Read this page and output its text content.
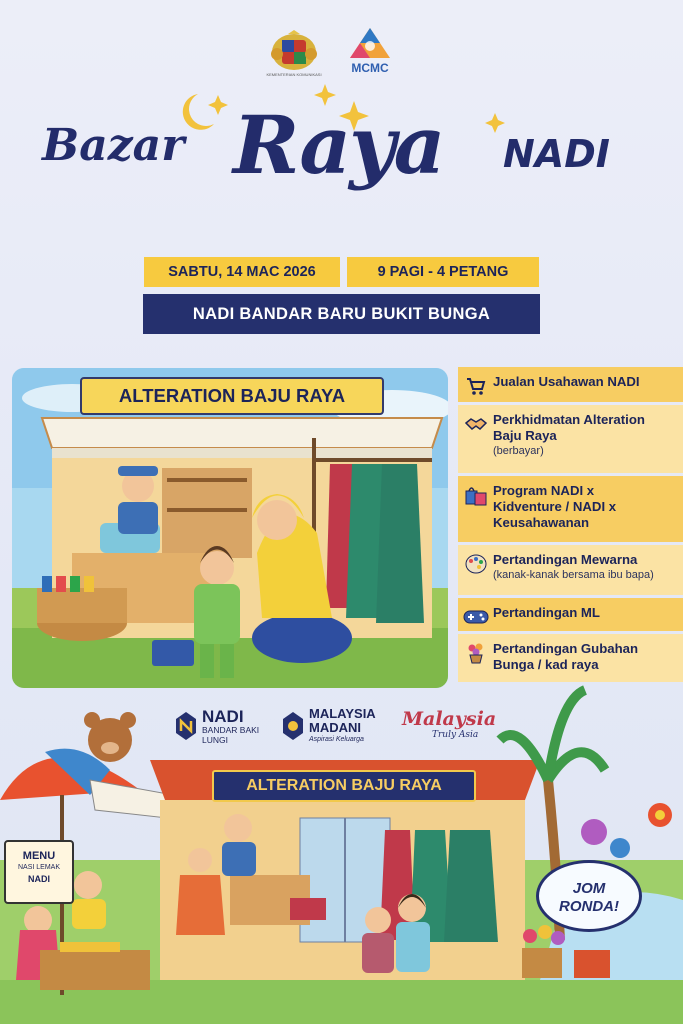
KEMENTERIAN KOMUNIKASI	MCMC
Bazar Raya NADI
SABTU, 14 MAC 2026	9 PAGI - 4 PETANG
NADI BANDAR BARU BUKIT BUNGA
ALTERATION BAJU RAYA
Jualan Usahawan NADI
Perkhidmatan Alteration Baju Raya
(berbayar)
Program NADI x Kidventure / NADI x Keusahawanan
Pertandingan Mewarna
(kanak-kanak bersama ibu bapa)
Pertandingan ML
Pertandingan Gubahan Bunga / kad raya
ALTERATION BAJU RAYA
MENU
NASI LEMAK
NADI
JOM
RONDA!
NADI
BANDAR BAKI LUNGI
MALAYSIA
MADANI
Aspirasi Keluarga
Malaysia
Truly Asia
